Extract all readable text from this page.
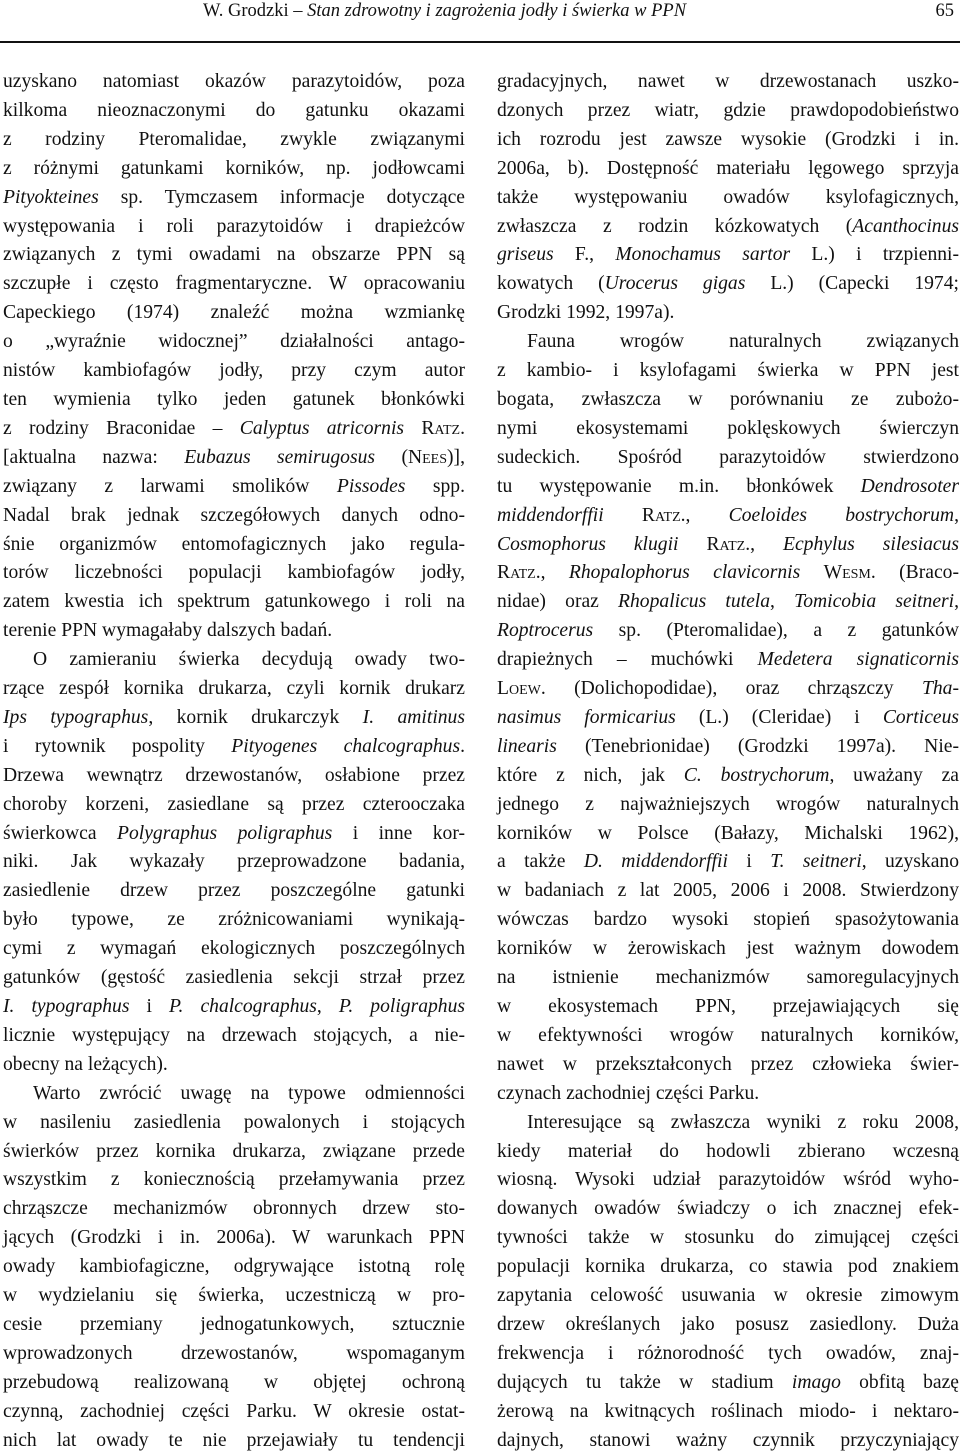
W. Grodzki – Stan zdrowotny i zagrożenia jodły i świerka w PPN	65
uzyskano natomiast okazów parazytoidów, poza
kilkoma nieoznaczonymi do gatunku okazami
z rodziny Pteromalidae, zwykle związanymi
z różnymi gatunkami korników, np. jodłowcami
Pityokteines sp. Tymczasem informacje dotyczące
występowania i roli parazytoidów i drapieżców
związanych z tymi owadami na obszarze PPN są
szczupłe i często fragmentaryczne. W opracowaniu
Capeckiego (1974) znaleźć można wzmiankę
o „wyraźnie widocznej” działalności antago-
nistów kambiofagów jodły, przy czym autor
ten wymienia tylko jeden gatunek błonkówki
z rodziny Braconidae – Calyptus atricornis Ratz.
[aktualna nazwa: Eubazus semirugosus (Nees)],
związany z larwami smolików Pissodes spp.
Nadal brak jednak szczegółowych danych odno-
śnie organizmów entomofagicznych jako regula-
torów liczebności populacji kambiofagów jodły,
zatem kwestia ich spektrum gatunkowego i roli na
terenie PPN wymagałaby dalszych badań.
O zamieraniu świerka decydują owady two-
rzące zespół kornika drukarza, czyli kornik drukarz
Ips typographus, kornik drukarczyk I. amitinus
i rytownik pospolity Pityogenes chalcographus.
Drzewa wewnątrz drzewostanów, osłabione przez
choroby korzeni, zasiedlane są przez czterooczaka
świerkowca Polygraphus poligraphus i inne kor-
niki. Jak wykazały przeprowadzone badania,
zasiedlenie drzew przez poszczególne gatunki
było typowe, ze zróżnicowaniami wynikają-
cymi z wymagań ekologicznych poszczególnych
gatunków (gęstość zasiedlenia sekcji strzał przez
I. typographus i P. chalcographus, P. poligraphus
licznie występujący na drzewach stojących, a nie-
obecny na leżących).
Warto zwrócić uwagę na typowe odmienności
w nasileniu zasiedlenia powalonych i stojących
świerków przez kornika drukarza, związane przede
wszystkim z koniecznością przełamywania przez
chrząszcze mechanizmów obronnych drzew sto-
jących (Grodzki i in. 2006a). W warunkach PPN
owady kambiofagiczne, odgrywające istotną rolę
w wydzielaniu się świerka, uczestniczą w pro-
cesie przemiany jednogatunkowych, sztucznie
wprowadzonych drzewostanów, wspomaganym
przebudową realizowaną w objętej ochroną
czynną, zachodniej części Parku. W okresie ostat-
nich lat owady te nie przejawiały tu tendencji
gradacyjnych, nawet w drzewostanach uszko-
dzonych przez wiatr, gdzie prawdopodobieństwo
ich rozrodu jest zawsze wysokie (Grodzki i in.
2006a, b). Dostępność materiału lęgowego sprzyja
także występowaniu owadów ksylofagicznych,
zwłaszcza z rodzin kózkowatych (Acanthocinus
griseus F., Monochamus sartor L.) i trzpienni-
kowatych (Urocerus gigas L.) (Capecki 1974;
Grodzki 1992, 1997a).
Fauna wrogów naturalnych związanych
z kambio- i ksylofagami świerka w PPN jest
bogata, zwłaszcza w porównaniu ze zubożo-
nymi ekosystemami poklęskowych świerczyn
sudeckich. Spośród parazytoidów stwierdzono
tu występowanie m.in. błonkówek Dendrosoter
middendorffii Ratz., Coeloides bostrychorum,
Cosmophorus klugii Ratz., Ecphylus silesiacus
Ratz., Rhopalophorus clavicornis Wesm. (Braco-
nidae) oraz Rhopalicus tutela, Tomicobia seitneri,
Roptrocerus sp. (Pteromalidae), a z gatunków
drapieżnych – muchówki Medetera signaticornis
Loew. (Dolichopodidae), oraz chrząszczy Tha-
nasimus formicarius (L.) (Cleridae) i Corticeus
linearis (Tenebrionidae) (Grodzki 1997a). Nie-
które z nich, jak C. bostrychorum, uważany za
jednego z najważniejszych wrogów naturalnych
korników w Polsce (Bałazy, Michalski 1962),
a także D. middendorffii i T. seitneri, uzyskano
w badaniach z lat 2005, 2006 i 2008. Stwierdzony
wówczas bardzo wysoki stopień spasożytowania
korników w żerowiskach jest ważnym dowodem
na istnienie mechanizmów samoregulacyjnych
w ekosystemach PPN, przejawiających się
w efektywności wrogów naturalnych korników,
nawet w przekształconych przez człowieka świer-
czynach zachodniej części Parku.
Interesujące są zwłaszcza wyniki z roku 2008,
kiedy materiał do hodowli zbierano wczesną
wiosną. Wysoki udział parazytoidów wśród wyho-
dowanych owadów świadczy o ich znacznej efek-
tywności także w stosunku do zimującej części
populacji kornika drukarza, co stawia pod znakiem
zapytania celowość usuwania w okresie zimowym
drzew określanych jako posusz zasiedlony. Duża
frekwencja i różnorodność tych owadów, znaj-
dujących tu także w stadium imago obfitą bazę
żerową na kwitnących roślinach miodo- i nektaro-
dajnych, stanowi ważny czynnik przyczyniający
